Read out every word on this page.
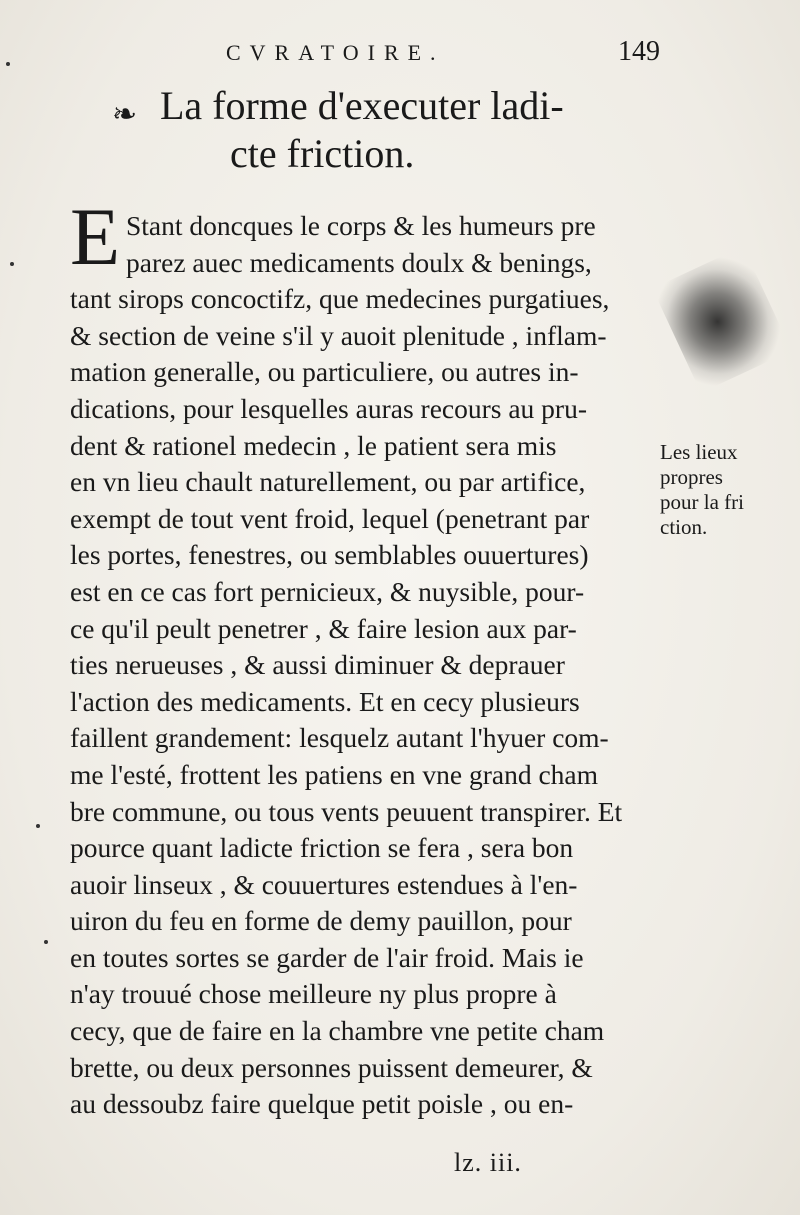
CVRATOIRE.	149
❧ La forme d'executer ladi-
cte friction.
E Stant doncques le corps & les humeurs pre
parez auec medicaments doulx & benings,
tant sirops concoctifz, que medecines purgatiues,
& section de veine s'il y auoit plenitude , inflam-
mation generalle, ou particuliere, ou autres in-
dications, pour lesquelles auras recours au pru-
dent & rationel medecin , le patient sera mis
en vn lieu chault naturellement, ou par artifice,
exempt de tout vent froid, lequel (penetrant par
les portes, fenestres, ou semblables ouuertures)
est en ce cas fort pernicieux, & nuysible, pour-
ce qu'il peult penetrer , & faire lesion aux par-
ties nerueuses , & aussi diminuer & deprauer
l'action des medicaments. Et en cecy plusieurs
faillent grandement: lesquelz autant l'hyuer com-
me l'esté, frottent les patiens en vne grand cham
bre commune, ou tous vents peuuent transpirer. Et
pource quant ladicte friction se fera , sera bon
auoir linseux , & couuertures estendues à l'en-
uiron du feu en forme de demy pauillon, pour
en toutes sortes se garder de l'air froid. Mais ie
n'ay trouué chose meilleure ny plus propre à
cecy, que de faire en la chambre vne petite cham
brette, ou deux personnes puissent demeurer, &
au dessoubz faire quelque petit poisle , ou en-
Les lieux
propres
pour la fri
ction.
lz. iii.
